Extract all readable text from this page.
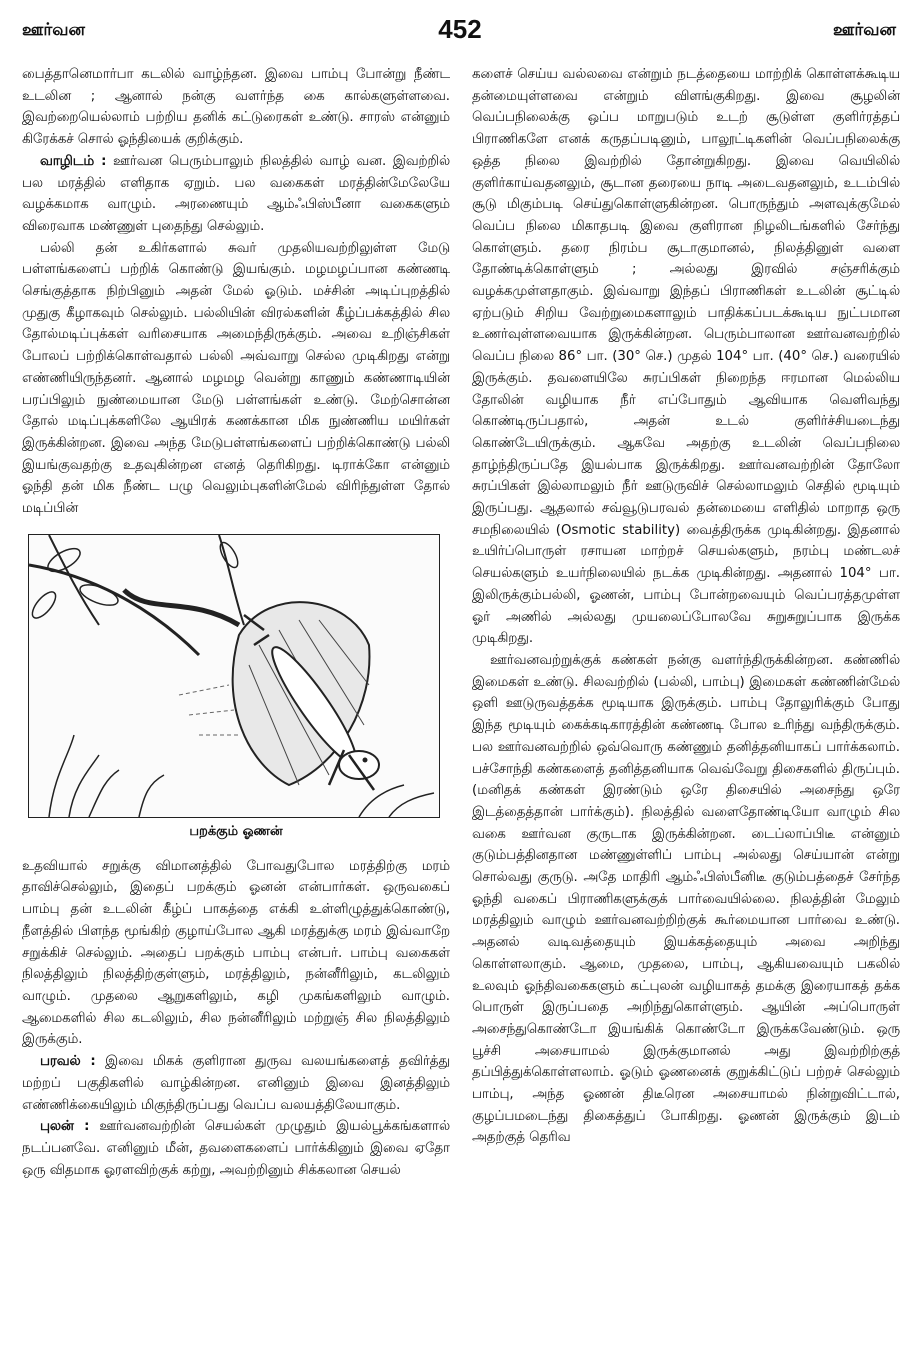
ஊர்வன	452	ஊர்வன

பைத்தானெமார்பா கடலில் வாழ்ந்தன. இவை பாம்பு போன்று நீண்ட உடலின ; ஆனால் நன்கு வளர்ந்த கை கால்களுள்ளவை. இவற்றையெல்லாம் பற்றிய தனிக் கட்டுரைகள் உண்டு. சாரஸ் என்னும் கிரேக்கச் சொல் ஓந்தியைக் குறிக்கும்.

வாழிடம் : ஊர்வன பெரும்பாலும் நிலத்தில் வாழ் வன. இவற்றில் பல மரத்தில் எளிதாக ஏறும். பல வகைகள் மரத்தின்மேலேயே வழக்கமாக வாழும். அரணையும் ஆம்ஃபிஸ்பீனா வகைகளும் விரைவாக மண்ணுள் புதைந்து செல்லும்.

பல்லி தன் உகிர்களால் சுவர் முதலியவற்றிலுள்ள மேடு பள்ளங்களைப் பற்றிக் கொண்டு இயங்கும். மழமழப்பான கண்ணடி செங்குத்தாக நிற்பினும் அதன் மேல் ஓடும். மச்சின் அடிப்புறத்தில் முதுகு கீழாகவும் செல்லும். பல்லியின் விரல்களின் கீழ்ப்பக்கத்தில் சில தோல்மடிப்புக்கள் வரிசையாக அமைந்திருக்கும். அவை உறிஞ்சிகள் போலப் பற்றிக்கொள்வதால் பல்லி அவ்வாறு செல்ல முடிகிறது என்று எண்ணியிருந்தனர். ஆனால் மழமழ வென்று காணும் கண்ணாடியின் பரப்பிலும் நுண்மையான மேடு பள்ளங்கள் உண்டு. மேற்சொன்ன தோல் மடிப்புக்களிலே ஆயிரக் கணக்கான மிக நுண்ணிய மயிர்கள் இருக்கின்றன. இவை அந்த மேடுபள்ளங்களைப் பற்றிக்கொண்டு பல்லி இயங்குவதற்கு உதவுகின்றன எனத் தெரிகிறது. டிராக்கோ என்னும் ஓந்தி தன் மிக நீண்ட பழு வெலும்புகளின்மேல் விரிந்துள்ள தோல் மடிப்பின்

பறக்கும் ஓணன்

உதவியால் சறுக்கு விமானத்தில் போவதுபோல மரத்திற்கு மரம் தாவிச்செல்லும், இதைப் பறக்கும் ஓனன் என்பார்கள். ஒருவகைப் பாம்பு தன் உடலின் கீழ்ப் பாகத்தை எக்கி உள்ளிழுத்துக்கொண்டு, நீளத்தில் பிளந்த மூங்கிற் குழாய்போல ஆகி மரத்துக்கு மரம் இவ்வாறே சறுக்கிச் செல்லும். அதைப் பறக்கும் பாம்பு என்பர். பாம்பு வகைகள் நிலத்திலும் நிலத்திற்குள்ளும், மரத்திலும், நன்னீரிலும், கடலிலும் வாழும். முதலை ஆறுகளிலும், கழி முகங்களிலும் வாழும். ஆமைகளில் சில கடலிலும், சில நன்னீரிலும் மற்றுஞ் சில நிலத்திலும் இருக்கும்.

பரவல் : இவை மிகக் குளிரான துருவ வலயங்களைத் தவிர்த்து மற்றப் பகுதிகளில் வாழ்கின்றன. எனினும் இவை இனத்திலும் எண்ணிக்கையிலும் மிகுந்திருப்பது வெப்ப வலயத்திலேயாகும்.

புலன் : ஊர்வனவற்றின் செயல்கள் முழுதும் இயல்பூக்கங்களால் நடப்பனவே. எனினும் மீன், தவளைகளைப் பார்க்கினும் இவை ஏதோ ஒரு விதமாக ஓரளவிற்குக் கற்று, அவற்றினும் சிக்கலான செயல்

களைச் செய்ய வல்லவை என்றும் நடத்தையை மாற்றிக் கொள்ளக்கூடிய தன்மையுள்ளவை என்றும் விளங்குகிறது. இவை சூழலின் வெப்பநிலைக்கு ஒப்ப மாறுபடும் உடற் சூடுள்ள குளிர்ரத்தப் பிராணிகளே எனக் கருதப்படினும், பாலூட்டிகளின் வெப்பநிலைக்கு ஒத்த நிலை இவற்றில் தோன்றுகிறது. இவை வெயிலில் குளிர்காய்வதனலும், சூடான தரையை நாடி அடைவதனலும், உடம்பில் சூடு மிகும்படி செய்துகொள்ளுகின்றன. பொருந்தும் அளவுக்குமேல் வெப்ப நிலை மிகாதபடி இவை குளிரான நிழலிடங்களில் சேர்ந்து கொள்ளும். தரை நிரம்ப சூடாகுமானல், நிலத்தினுள் வளை தோண்டிக்கொள்ளும் ; அல்லது இரவில் சஞ்சரிக்கும் வழக்கமுள்ளதாகும். இவ்வாறு இந்தப் பிராணிகள் உடலின் சூட்டில் ஏற்படும் சிறிய வேற்றுமைகளாலும் பாதிக்கப்படக்கூடிய நுட்பமான உணர்வுள்ளவையாக இருக்கின்றன. பெரும்பாலான ஊர்வனவற்றில் வெப்ப நிலை 86° பா. (30° செ.) முதல் 104° பா. (40° செ.) வரையில் இருக்கும். தவளையிலே சுரப்பிகள் நிறைந்த ஈரமான மெல்லிய தோலின் வழியாக நீர் எப்போதும் ஆவியாக வெளிவந்து கொண்டிருப்பதால், அதன் உடல் குளிர்ச்சியடைந்து கொண்டேயிருக்கும். ஆகவே அதற்கு உடலின் வெப்பநிலை தாழ்ந்திருப்பதே இயல்பாக இருக்கிறது. ஊர்வனவற்றின் தோலோ சுரப்பிகள் இல்லாமலும் நீர் ஊடுருவிச் செல்லாமலும் செதில் மூடியும் இருப்பது. ஆதலால் சவ்வூடுபரவல் தன்மையை எளிதில் மாறாத ஒரு சமநிலையில் (Osmotic stability) வைத்திருக்க முடிகின்றது. இதனால் உயிர்ப்பொருள் ரசாயன மாற்றச் செயல்களும், நரம்பு மண்டலச் செயல்களும் உயர்நிலையில் நடக்க முடிகின்றது. அதனால் 104° பா. இலிருக்கும்பல்லி, ஓணன், பாம்பு போன்றவையும் வெப்பரத்தமுள்ள ஓர் அணில் அல்லது முயலைப்போலவே சுறுசுறுப்பாக இருக்க முடிகிறது.

ஊர்வனவற்றுக்குக் கண்கள் நன்கு வளர்ந்திருக்கின்றன. கண்ணில் இமைகள் உண்டு. சிலவற்றில் (பல்லி, பாம்பு) இமைகள் கண்ணின்மேல் ஒளி ஊடுருவத்தக்க மூடியாக இருக்கும். பாம்பு தோலுரிக்கும் போது இந்த மூடியும் கைக்கடிகாரத்தின் கண்ணடி போல உரிந்து வந்திருக்கும். பல ஊர்வனவற்றில் ஒவ்வொரு கண்ணும் தனித்தனியாகப் பார்க்கலாம். பச்சோந்தி கண்களைத் தனித்தனியாக வெவ்வேறு திசைகளில் திருப்பும். (மனிதக் கண்கள் இரண்டும் ஒரே திசையில் அசைந்து ஒரே இடத்தைத்தான் பார்க்கும்). நிலத்தில் வளைதோண்டியோ வாழும் சில வகை ஊர்வன குருடாக இருக்கின்றன. டைப்லாப்பிடீ என்னும் குடும்பத்தினதான மண்ணுள்ளிப் பாம்பு அல்லது செய்யான் என்று சொல்வது குருடு. அதே மாதிரி ஆம்ஃபிஸ்பீனிடீ குடும்பத்தைச் சேர்ந்த ஓந்தி வகைப் பிராணிகளுக்குக் பார்வையில்லை. நிலத்தின் மேலும் மரத்திலும் வாழும் ஊர்வனவற்றிற்குக் கூர்மையான பார்வை உண்டு. அதனல் வடிவத்தையும் இயக்கத்தையும் அவை அறிந்து கொள்ளலாகும். ஆமை, முதலை, பாம்பு, ஆகியவையும் பகலில் உலவும் ஓந்திவகைகளும் கட்புலன் வழியாகத் தமக்கு இரையாகத் தக்க பொருள் இருப்பதை அறிந்துகொள்ளும். ஆயின் அப்பொருள் அசைந்துகொண்டோ இயங்கிக் கொண்டோ இருக்கவேண்டும். ஒரு பூச்சி அசையாமல் இருக்குமானல் அது இவற்றிற்குத் தப்பித்துக்கொள்ளலாம். ஓடும் ஓணனைக் குறுக்கிட்டுப் பற்றச் செல்லும் பாம்பு, அந்த ஓணன் திடீரென அசையாமல் நின்றுவிட்டால், குழப்பமடைந்து திகைத்துப் போகிறது. ஓணன் இருக்கும் இடம் அதற்குத் தெரிவ
